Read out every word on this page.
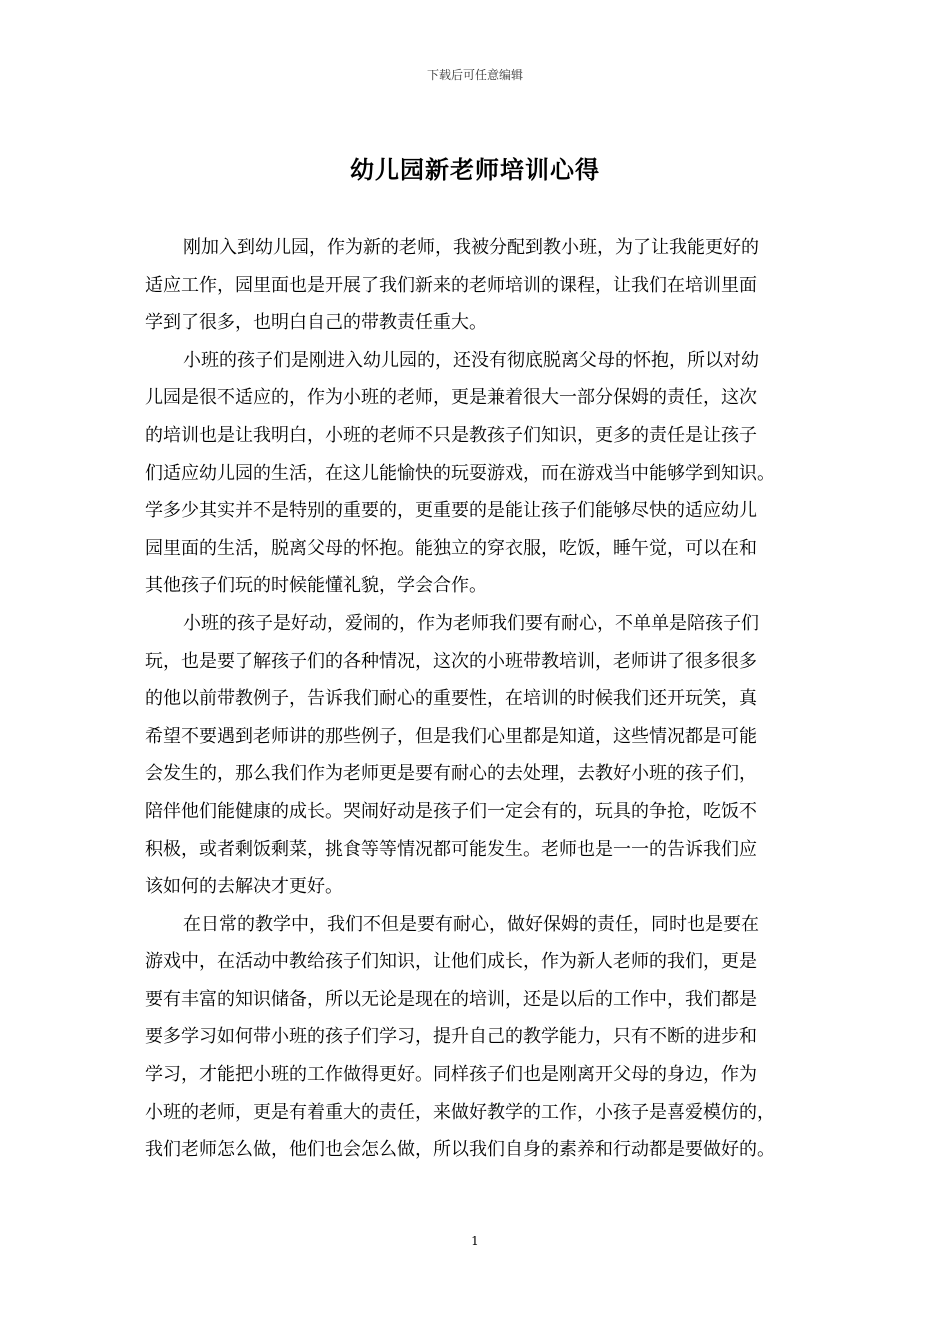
下载后可任意编辑
幼儿园新老师培训心得
刚加入到幼儿园，作为新的老师，我被分配到教小班，为了让我能更好的
适应工作，园里面也是开展了我们新来的老师培训的课程，让我们在培训里面
学到了很多，也明白自己的带教责任重大。
小班的孩子们是刚进入幼儿园的，还没有彻底脱离父母的怀抱，所以对幼
儿园是很不适应的，作为小班的老师，更是兼着很大一部分保姆的责任，这次
的培训也是让我明白，小班的老师不只是教孩子们知识，更多的责任是让孩子
们适应幼儿园的生活，在这儿能愉快的玩耍游戏，而在游戏当中能够学到知识。
学多少其实并不是特别的重要的，更重要的是能让孩子们能够尽快的适应幼儿
园里面的生活，脱离父母的怀抱。能独立的穿衣服，吃饭，睡午觉，可以在和
其他孩子们玩的时候能懂礼貌，学会合作。
小班的孩子是好动，爱闹的，作为老师我们要有耐心，不单单是陪孩子们
玩，也是要了解孩子们的各种情况，这次的小班带教培训，老师讲了很多很多
的他以前带教例子，告诉我们耐心的重要性，在培训的时候我们还开玩笑，真
希望不要遇到老师讲的那些例子，但是我们心里都是知道，这些情况都是可能
会发生的，那么我们作为老师更是要有耐心的去处理，去教好小班的孩子们，
陪伴他们能健康的成长。哭闹好动是孩子们一定会有的，玩具的争抢，吃饭不
积极，或者剩饭剩菜，挑食等等情况都可能发生。老师也是一一的告诉我们应
该如何的去解决才更好。
在日常的教学中，我们不但是要有耐心，做好保姆的责任，同时也是要在
游戏中，在活动中教给孩子们知识，让他们成长，作为新人老师的我们，更是
要有丰富的知识储备，所以无论是现在的培训，还是以后的工作中，我们都是
要多学习如何带小班的孩子们学习，提升自己的教学能力，只有不断的进步和
学习，才能把小班的工作做得更好。同样孩子们也是刚离开父母的身边，作为
小班的老师，更是有着重大的责任，来做好教学的工作，小孩子是喜爱模仿的，
我们老师怎么做，他们也会怎么做，所以我们自身的素养和行动都是要做好的。
1
